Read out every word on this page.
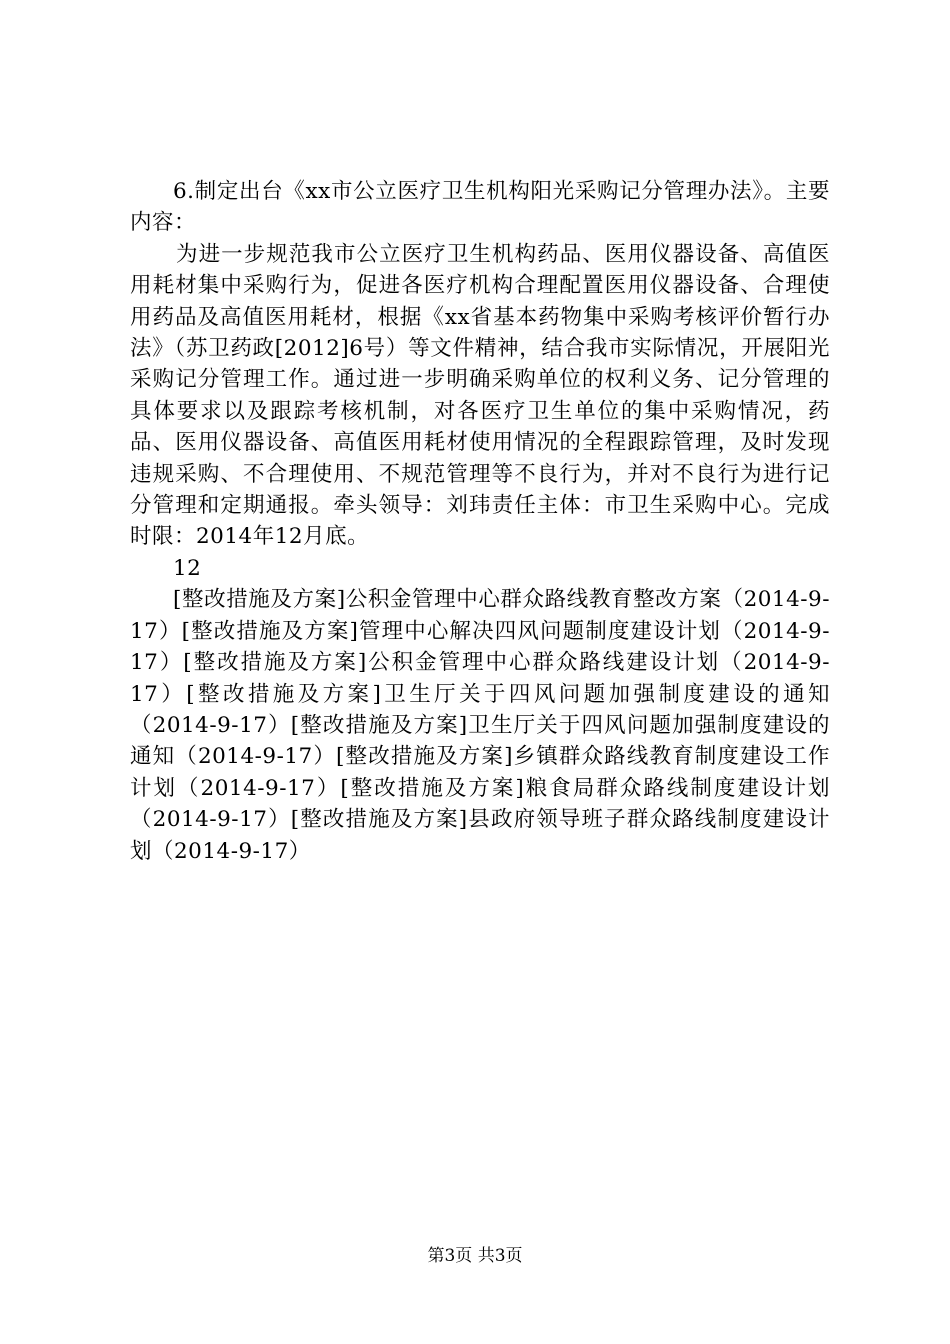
6.制定出台《xx市公立医疗卫生机构阳光采购记分管理办法》。主要内容：

为进一步规范我市公立医疗卫生机构药品、医用仪器设备、高值医用耗材集中采购行为，促进各医疗机构合理配置医用仪器设备、合理使用药品及高值医用耗材，根据《xx省基本药物集中采购考核评价暂行办法》（苏卫药政[2012]6号）等文件精神，结合我市实际情况，开展阳光采购记分管理工作。通过进一步明确采购单位的权利义务、记分管理的具体要求以及跟踪考核机制，对各医疗卫生单位的集中采购情况，药品、医用仪器设备、高值医用耗材使用情况的全程跟踪管理，及时发现违规采购、不合理使用、不规范管理等不良行为，并对不良行为进行记分管理和定期通报。牵头领导：刘玮责任主体：市卫生采购中心。完成时限：2014年12月底。

12

[整改措施及方案]公积金管理中心群众路线教育整改方案（2014-9-17）[整改措施及方案]管理中心解决四风问题制度建设计划（2014-9-17）[整改措施及方案]公积金管理中心群众路线建设计划（2014-9-17）[整改措施及方案]卫生厅关于四风问题加强制度建设的通知（2014-9-17）[整改措施及方案]卫生厅关于四风问题加强制度建设的通知（2014-9-17）[整改措施及方案]乡镇群众路线教育制度建设工作计划（2014-9-17）[整改措施及方案]粮食局群众路线制度建设计划（2014-9-17）[整改措施及方案]县政府领导班子群众路线制度建设计划（2014-9-17）

第3页 共3页
